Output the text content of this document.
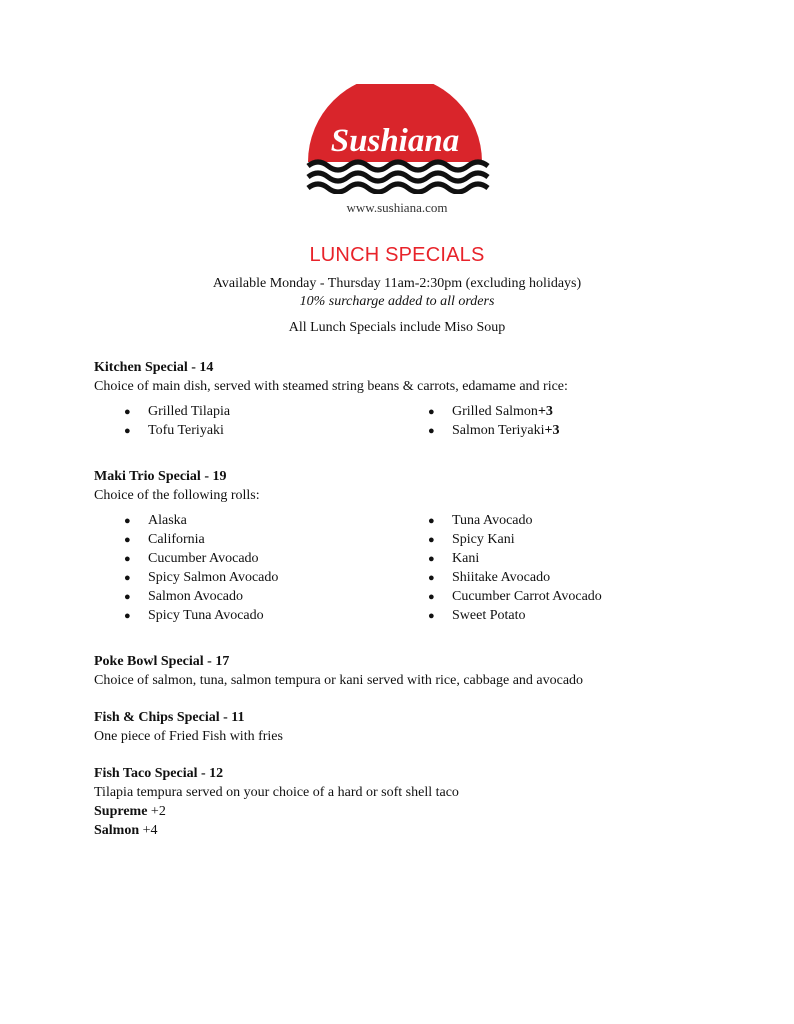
Sushiana
www.sushiana.com
LUNCH SPECIALS
Available Monday - Thursday 11am-2:30pm (excluding holidays)
10% surcharge added to all orders
All Lunch Specials include Miso Soup
Kitchen Special - 14
Choice of main dish, served with steamed string beans & carrots, edamame and rice:
●	Grilled Tilapia
●	Tofu Teriyaki
●	Grilled Salmon +3
●	Salmon Teriyaki +3
Maki Trio Special - 19
Choice of the following rolls:
●	Alaska
●	California
●	Cucumber Avocado
●	Spicy Salmon Avocado
●	Salmon Avocado
●	Spicy Tuna Avocado
●	Tuna Avocado
●	Spicy Kani
●	Kani
●	Shiitake Avocado
●	Cucumber Carrot Avocado
●	Sweet Potato
Poke Bowl Special - 17
Choice of salmon, tuna, salmon tempura or kani served with rice, cabbage and avocado
Fish & Chips Special - 11
One piece of Fried Fish with fries
Fish Taco Special - 12
Tilapia tempura served on your choice of a hard or soft shell taco
Supreme +2
Salmon +4
